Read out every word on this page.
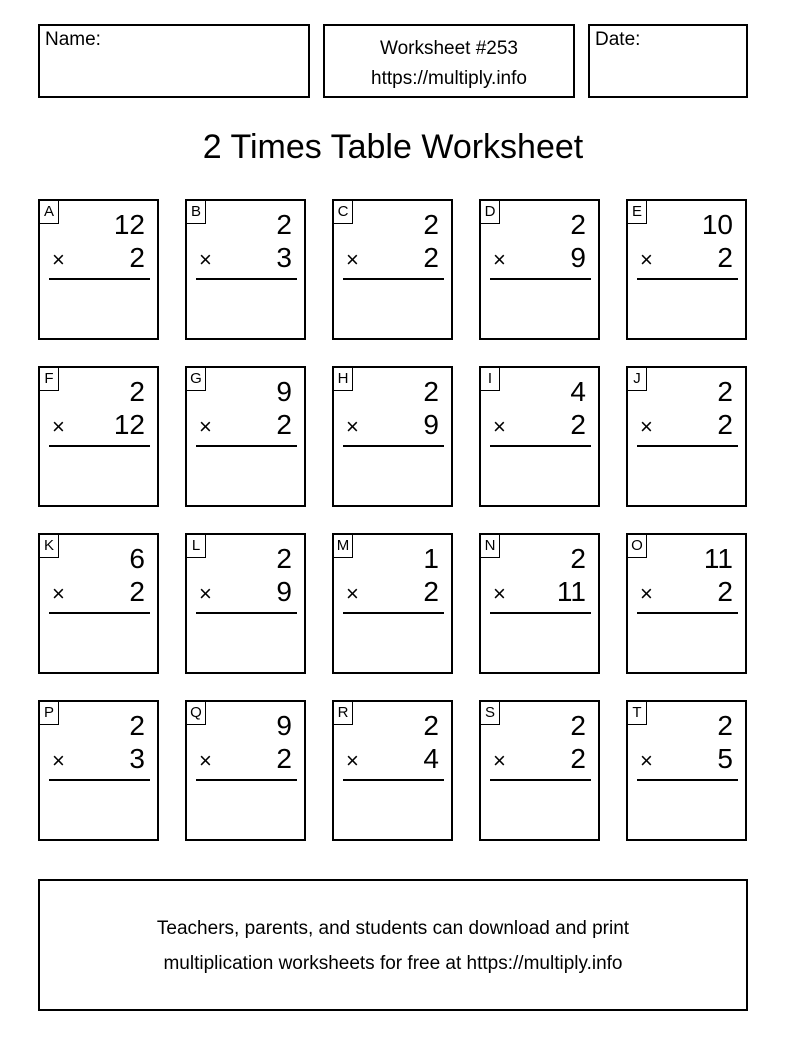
Name:	Worksheet #253
https://multiply.info
Date:
2 Times Table Worksheet
A 12
× 2
B	2
× 3
C	2
× 2
D	2
× 9
E 10
× 2
F	2
× 12
G	9
× 2
H	2
× 9
I	4
× 2
J	2
× 2
K	6
× 2
L	2
× 9
M	1
× 2
N	2
× 11
O 11
× 2
P	2
× 3
Q	9
× 2
R	2
× 4
S	2
× 2
T	2
× 5
Teachers, parents, and students can download and print
multiplication worksheets for free at https://multiply.info
